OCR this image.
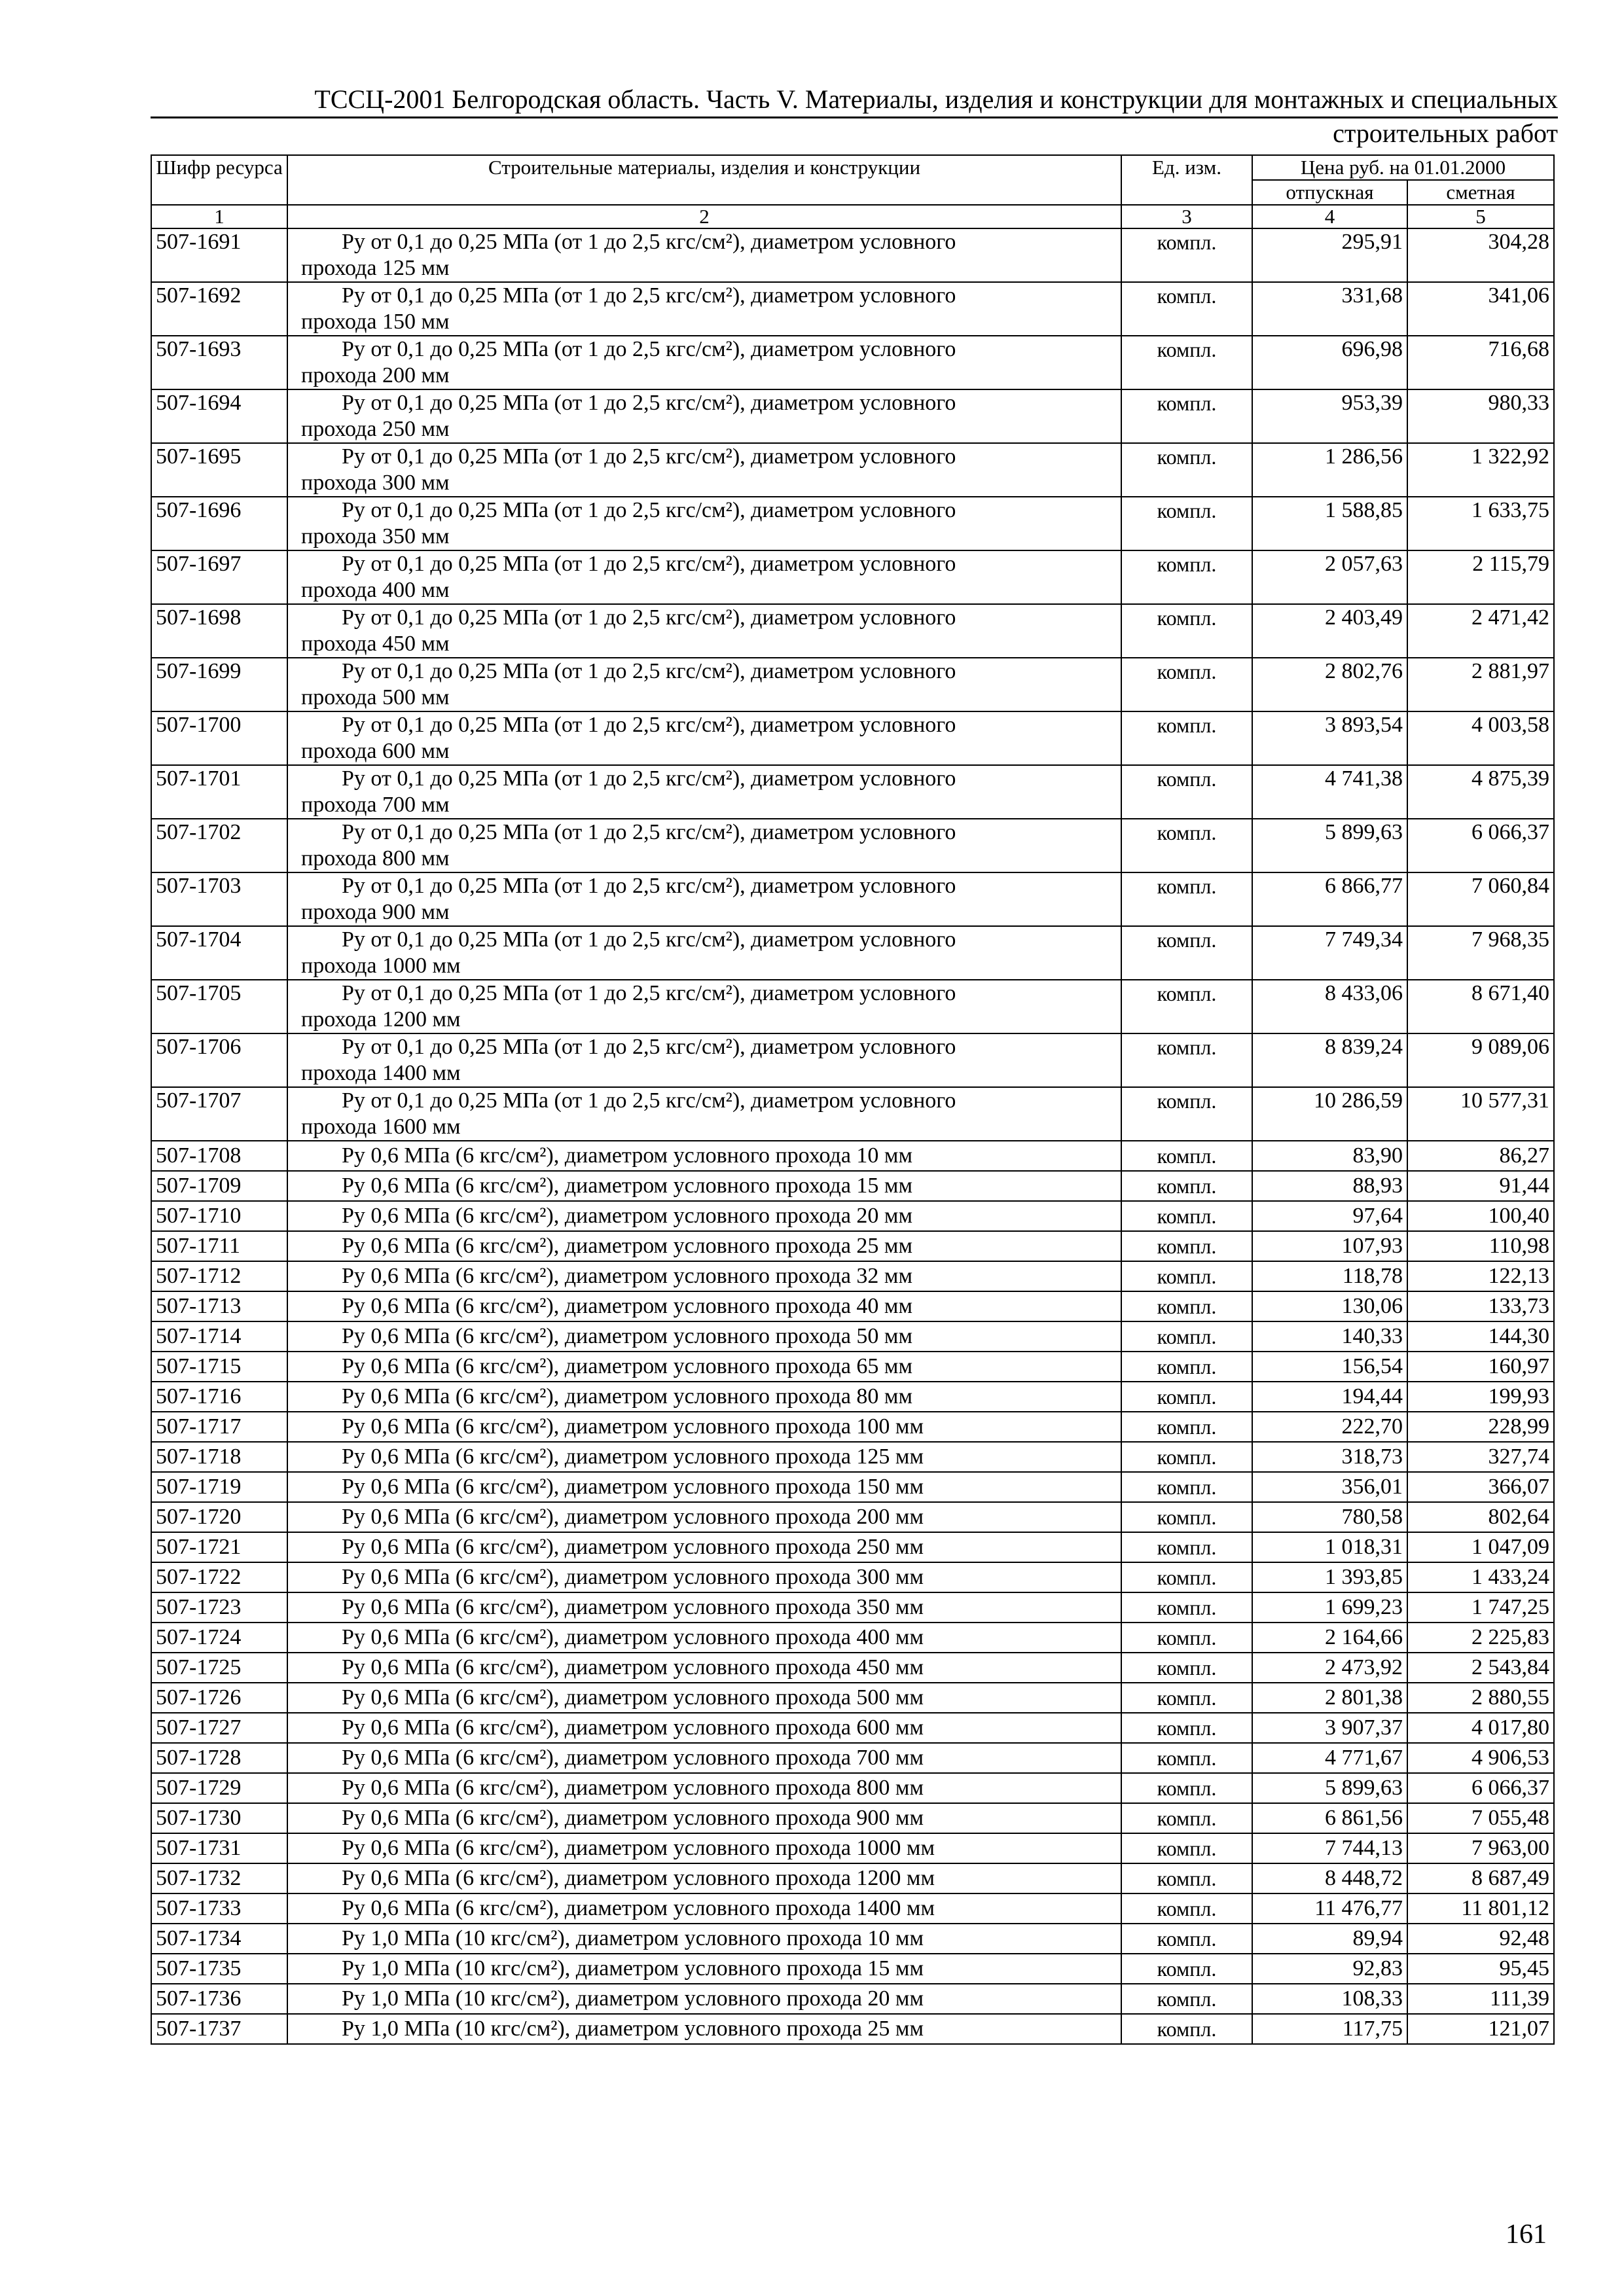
ТССЦ-2001 Белгородская область. Часть V. Материалы, изделия и конструкции для монтажных и специальных
строительных работ
Шифр ресурса	Строительные материалы, изделия и конструкции	Ед. изм.	Цена руб. на 01.01.2000	
			отпускная	сметная
1	2	3	4	5
507-1691	Ру от 0,1 до 0,25 МПа (от 1 до 2,5 кгс/см²), диаметром условного
прохода 125 мм	компл.	295,91	304,28
507-1692	Ру от 0,1 до 0,25 МПа (от 1 до 2,5 кгс/см²), диаметром условного
прохода 150 мм	компл.	331,68	341,06
507-1693	Ру от 0,1 до 0,25 МПа (от 1 до 2,5 кгс/см²), диаметром условного
прохода 200 мм	компл.	696,98	716,68
507-1694	Ру от 0,1 до 0,25 МПа (от 1 до 2,5 кгс/см²), диаметром условного
прохода 250 мм	компл.	953,39	980,33
507-1695	Ру от 0,1 до 0,25 МПа (от 1 до 2,5 кгс/см²), диаметром условного
прохода 300 мм	компл.	1 286,56	1 322,92
507-1696	Ру от 0,1 до 0,25 МПа (от 1 до 2,5 кгс/см²), диаметром условного
прохода 350 мм	компл.	1 588,85	1 633,75
507-1697	Ру от 0,1 до 0,25 МПа (от 1 до 2,5 кгс/см²), диаметром условного
прохода 400 мм	компл.	2 057,63	2 115,79
507-1698	Ру от 0,1 до 0,25 МПа (от 1 до 2,5 кгс/см²), диаметром условного
прохода 450 мм	компл.	2 403,49	2 471,42
507-1699	Ру от 0,1 до 0,25 МПа (от 1 до 2,5 кгс/см²), диаметром условного
прохода 500 мм	компл.	2 802,76	2 881,97
507-1700	Ру от 0,1 до 0,25 МПа (от 1 до 2,5 кгс/см²), диаметром условного
прохода 600 мм	компл.	3 893,54	4 003,58
507-1701	Ру от 0,1 до 0,25 МПа (от 1 до 2,5 кгс/см²), диаметром условного
прохода 700 мм	компл.	4 741,38	4 875,39
507-1702	Ру от 0,1 до 0,25 МПа (от 1 до 2,5 кгс/см²), диаметром условного
прохода 800 мм	компл.	5 899,63	6 066,37
507-1703	Ру от 0,1 до 0,25 МПа (от 1 до 2,5 кгс/см²), диаметром условного
прохода 900 мм	компл.	6 866,77	7 060,84
507-1704	Ру от 0,1 до 0,25 МПа (от 1 до 2,5 кгс/см²), диаметром условного
прохода 1000 мм	компл.	7 749,34	7 968,35
507-1705	Ру от 0,1 до 0,25 МПа (от 1 до 2,5 кгс/см²), диаметром условного
прохода 1200 мм	компл.	8 433,06	8 671,40
507-1706	Ру от 0,1 до 0,25 МПа (от 1 до 2,5 кгс/см²), диаметром условного
прохода 1400 мм	компл.	8 839,24	9 089,06
507-1707	Ру от 0,1 до 0,25 МПа (от 1 до 2,5 кгс/см²), диаметром условного
прохода 1600 мм	компл.	10 286,59	10 577,31
507-1708	Ру 0,6 МПа (6 кгс/см²), диаметром условного прохода 10 мм	компл.	83,90	86,27
507-1709	Ру 0,6 МПа (6 кгс/см²), диаметром условного прохода 15 мм	компл.	88,93	91,44
507-1710	Ру 0,6 МПа (6 кгс/см²), диаметром условного прохода 20 мм	компл.	97,64	100,40
507-1711	Ру 0,6 МПа (6 кгс/см²), диаметром условного прохода 25 мм	компл.	107,93	110,98
507-1712	Ру 0,6 МПа (6 кгс/см²), диаметром условного прохода 32 мм	компл.	118,78	122,13
507-1713	Ру 0,6 МПа (6 кгс/см²), диаметром условного прохода 40 мм	компл.	130,06	133,73
507-1714	Ру 0,6 МПа (6 кгс/см²), диаметром условного прохода 50 мм	компл.	140,33	144,30
507-1715	Ру 0,6 МПа (6 кгс/см²), диаметром условного прохода 65 мм	компл.	156,54	160,97
507-1716	Ру 0,6 МПа (6 кгс/см²), диаметром условного прохода 80 мм	компл.	194,44	199,93
507-1717	Ру 0,6 МПа (6 кгс/см²), диаметром условного прохода 100 мм	компл.	222,70	228,99
507-1718	Ру 0,6 МПа (6 кгс/см²), диаметром условного прохода 125 мм	компл.	318,73	327,74
507-1719	Ру 0,6 МПа (6 кгс/см²), диаметром условного прохода 150 мм	компл.	356,01	366,07
507-1720	Ру 0,6 МПа (6 кгс/см²), диаметром условного прохода 200 мм	компл.	780,58	802,64
507-1721	Ру 0,6 МПа (6 кгс/см²), диаметром условного прохода 250 мм	компл.	1 018,31	1 047,09
507-1722	Ру 0,6 МПа (6 кгс/см²), диаметром условного прохода 300 мм	компл.	1 393,85	1 433,24
507-1723	Ру 0,6 МПа (6 кгс/см²), диаметром условного прохода 350 мм	компл.	1 699,23	1 747,25
507-1724	Ру 0,6 МПа (6 кгс/см²), диаметром условного прохода 400 мм	компл.	2 164,66	2 225,83
507-1725	Ру 0,6 МПа (6 кгс/см²), диаметром условного прохода 450 мм	компл.	2 473,92	2 543,84
507-1726	Ру 0,6 МПа (6 кгс/см²), диаметром условного прохода 500 мм	компл.	2 801,38	2 880,55
507-1727	Ру 0,6 МПа (6 кгс/см²), диаметром условного прохода 600 мм	компл.	3 907,37	4 017,80
507-1728	Ру 0,6 МПа (6 кгс/см²), диаметром условного прохода 700 мм	компл.	4 771,67	4 906,53
507-1729	Ру 0,6 МПа (6 кгс/см²), диаметром условного прохода 800 мм	компл.	5 899,63	6 066,37
507-1730	Ру 0,6 МПа (6 кгс/см²), диаметром условного прохода 900 мм	компл.	6 861,56	7 055,48
507-1731	Ру 0,6 МПа (6 кгс/см²), диаметром условного прохода 1000 мм	компл.	7 744,13	7 963,00
507-1732	Ру 0,6 МПа (6 кгс/см²), диаметром условного прохода 1200 мм	компл.	8 448,72	8 687,49
507-1733	Ру 0,6 МПа (6 кгс/см²), диаметром условного прохода 1400 мм	компл.	11 476,77	11 801,12
507-1734	Ру 1,0 МПа (10 кгс/см²), диаметром условного прохода 10 мм	компл.	89,94	92,48
507-1735	Ру 1,0 МПа (10 кгс/см²), диаметром условного прохода 15 мм	компл.	92,83	95,45
507-1736	Ру 1,0 МПа (10 кгс/см²), диаметром условного прохода 20 мм	компл.	108,33	111,39
507-1737	Ру 1,0 МПа (10 кгс/см²), диаметром условного прохода 25 мм	компл.	117,75	121,07
161
